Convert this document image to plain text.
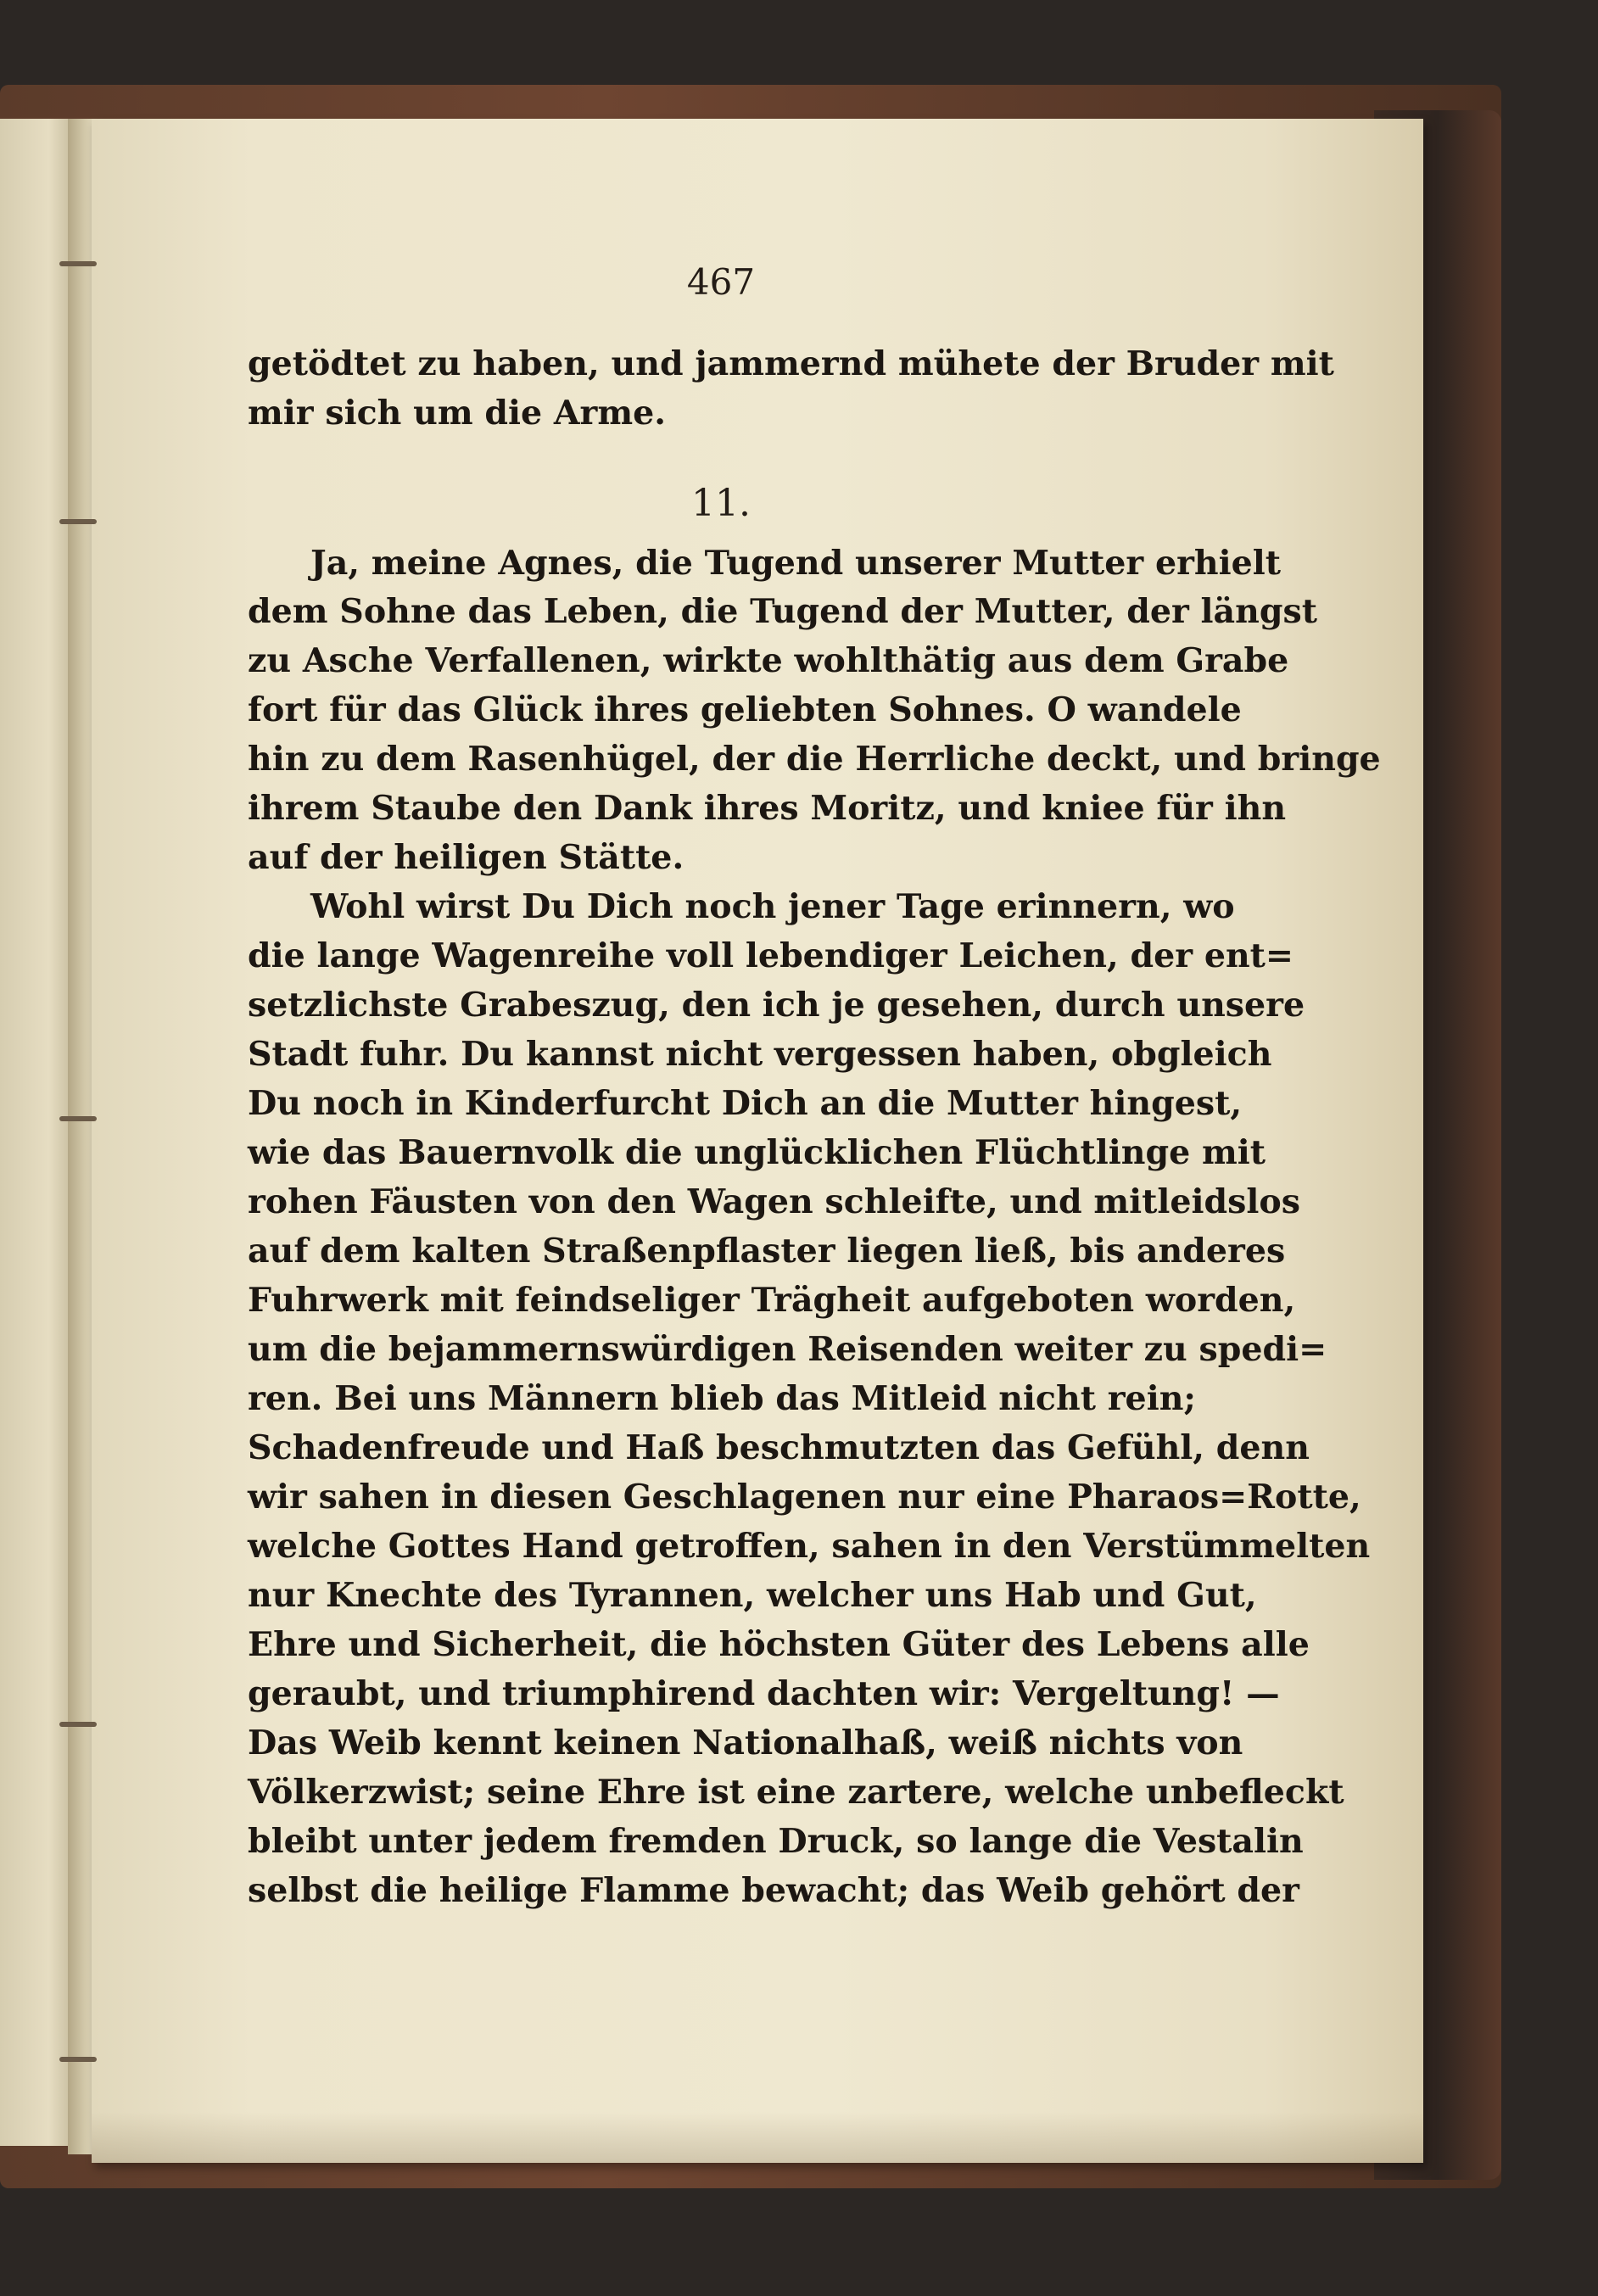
467
11.
getödtet zu haben, und jammernd mühete der Bruder mit
mir sich um die Arme.
Ja, meine Agnes, die Tugend unserer Mutter erhielt
dem Sohne das Leben, die Tugend der Mutter, der längst
zu Asche Verfallenen, wirkte wohlthätig aus dem Grabe
fort für das Glück ihres geliebten Sohnes. O wandele
hin zu dem Rasenhügel, der die Herrliche deckt, und bringe
ihrem Staube den Dank ihres Moritz, und kniee für ihn
auf der heiligen Stätte.
Wohl wirst Du Dich noch jener Tage erinnern, wo
die lange Wagenreihe voll lebendiger Leichen, der ent=
setzlichste Grabeszug, den ich je gesehen, durch unsere
Stadt fuhr. Du kannst nicht vergessen haben, obgleich
Du noch in Kinderfurcht Dich an die Mutter hingest,
wie das Bauernvolk die unglücklichen Flüchtlinge mit
rohen Fäusten von den Wagen schleifte, und mitleidslos
auf dem kalten Straßenpflaster liegen ließ, bis anderes
Fuhrwerk mit feindseliger Trägheit aufgeboten worden,
um die bejammernswürdigen Reisenden weiter zu spedi=
ren. Bei uns Männern blieb das Mitleid nicht rein;
Schadenfreude und Haß beschmutzten das Gefühl, denn
wir sahen in diesen Geschlagenen nur eine Pharaos=Rotte,
welche Gottes Hand getroffen, sahen in den Verstümmelten
nur Knechte des Tyrannen, welcher uns Hab und Gut,
Ehre und Sicherheit, die höchsten Güter des Lebens alle
geraubt, und triumphirend dachten wir: Vergeltung! —
Das Weib kennt keinen Nationalhaß, weiß nichts von
Völkerzwist; seine Ehre ist eine zartere, welche unbefleckt
bleibt unter jedem fremden Druck, so lange die Vestalin
selbst die heilige Flamme bewacht; das Weib gehört der
